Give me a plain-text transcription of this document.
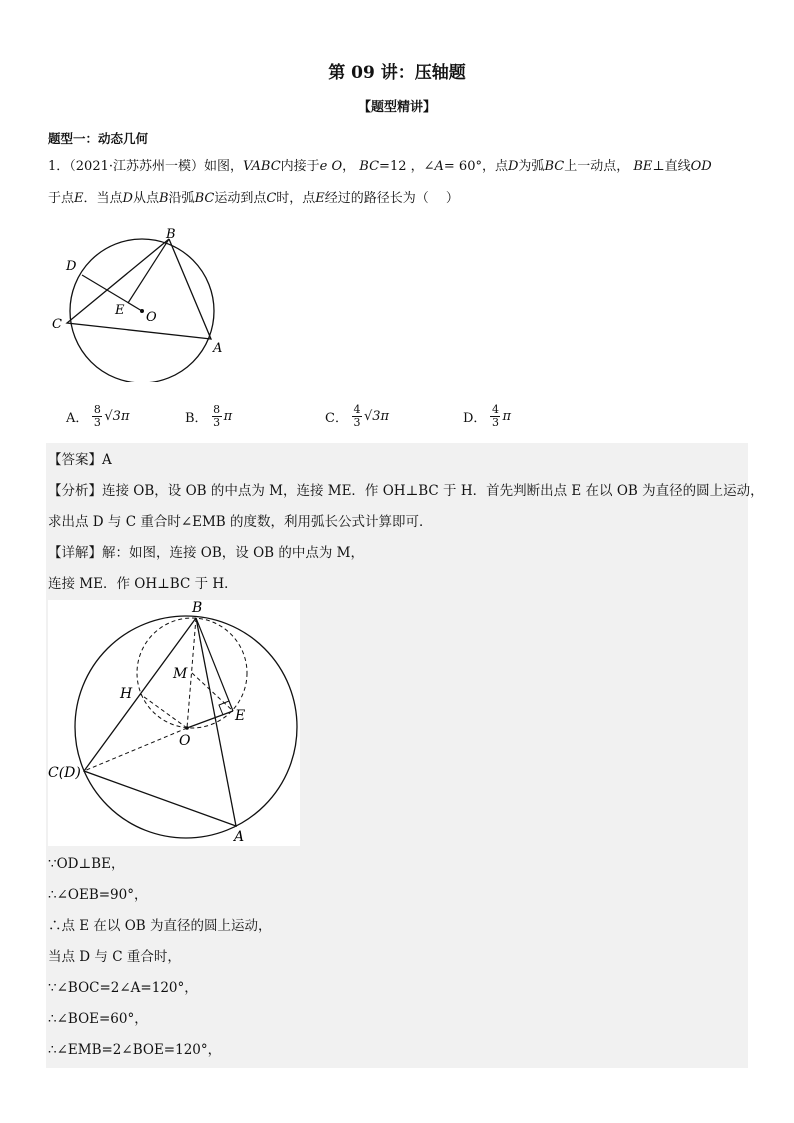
第 09 讲：压轴题
【题型精讲】
题型一：动态几何
1．（2021·江苏苏州一模）如图，VABC内接于e O， BC=12 ，∠A= 60°，点D为弧BC上一动点， BE⊥直线OD
于点E．当点D从点B沿弧BC运动到点C时，点E经过的路径长为（　 ）
B
D
E O
C
A
A． $\frac{8}{3} √3\pi$	B． $\frac{8}{3}$ π	C． $\frac{4}{3} √3\pi$	D． $\frac{4}{3}$ π
【答案】A
【分析】连接 OB，设 OB 的中点为 M，连接 ME．作 OH⊥BC 于 H．首先判断出点 E 在以 OB 为直径的圆上运动，
求出点 D 与 C 重合时∠EMB 的度数，利用弧长公式计算即可．
【详解】解：如图，连接 OB，设 OB 的中点为 M，
连接 ME．作 OH⊥BC 于 H．
B
M
H
E
O
C(D)
A
∵OD⊥BE，
∴∠OEB=90°，
∴点 E 在以 OB 为直径的圆上运动，
当点 D 与 C 重合时，
∵∠BOC=2∠A=120°，
∴∠BOE=60°，
∴∠EMB=2∠BOE=120°，
